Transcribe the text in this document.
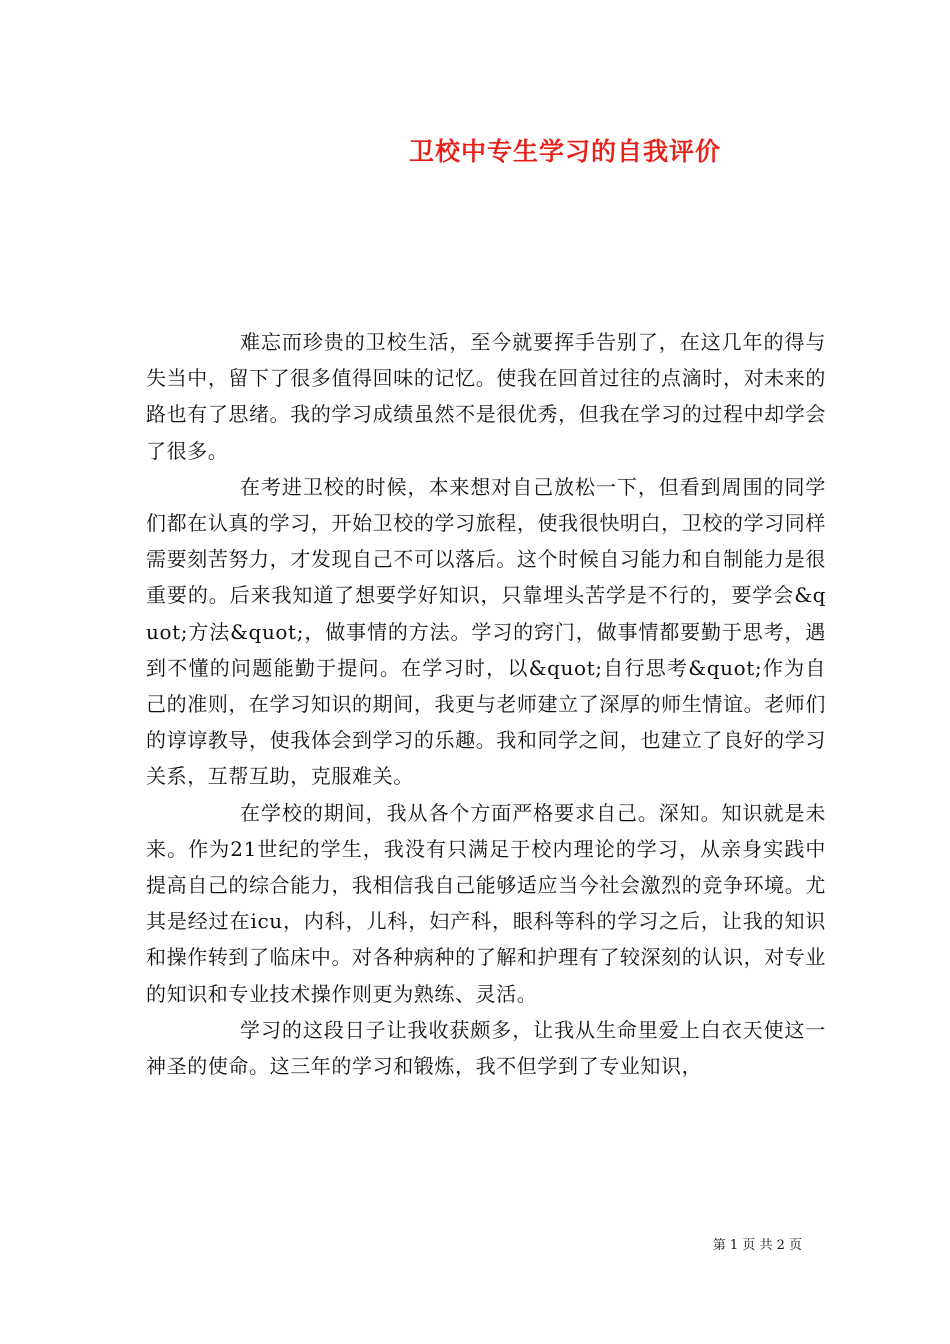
卫校中专生学习的自我评价

难忘而珍贵的卫校生活，至今就要挥手告别了，在这几年的得与失当中，留下了很多值得回味的记忆。使我在回首过往的点滴时，对未来的路也有了思绪。我的学习成绩虽然不是很优秀，但我在学习的过程中却学会了很多。

在考进卫校的时候，本来想对自己放松一下，但看到周围的同学们都在认真的学习，开始卫校的学习旅程，使我很快明白，卫校的学习同样需要刻苦努力，才发现自己不可以落后。这个时候自习能力和自制能力是很重要的。后来我知道了想要学好知识，只靠埋头苦学是不行的，要学会&quot;方法&quot;，做事情的方法。学习的窍门，做事情都要勤于思考，遇到不懂的问题能勤于提问。在学习时，以&quot;自行思考&quot;作为自己的准则，在学习知识的期间，我更与老师建立了深厚的师生情谊。老师们的谆谆教导，使我体会到学习的乐趣。我和同学之间，也建立了良好的学习关系，互帮互助，克服难关。

在学校的期间，我从各个方面严格要求自己。深知。知识就是未来。作为21世纪的学生，我没有只满足于校内理论的学习，从亲身实践中提高自己的综合能力，我相信我自己能够适应当今社会激烈的竞争环境。尤其是经过在icu，内科，儿科，妇产科，眼科等科的学习之后，让我的知识和操作转到了临床中。对各种病种的了解和护理有了较深刻的认识，对专业的知识和专业技术操作则更为熟练、灵活。

学习的这段日子让我收获颇多，让我从生命里爱上白衣天使这一神圣的使命。这三年的学习和锻炼，我不但学到了专业知识，

第 1 页 共 2 页
